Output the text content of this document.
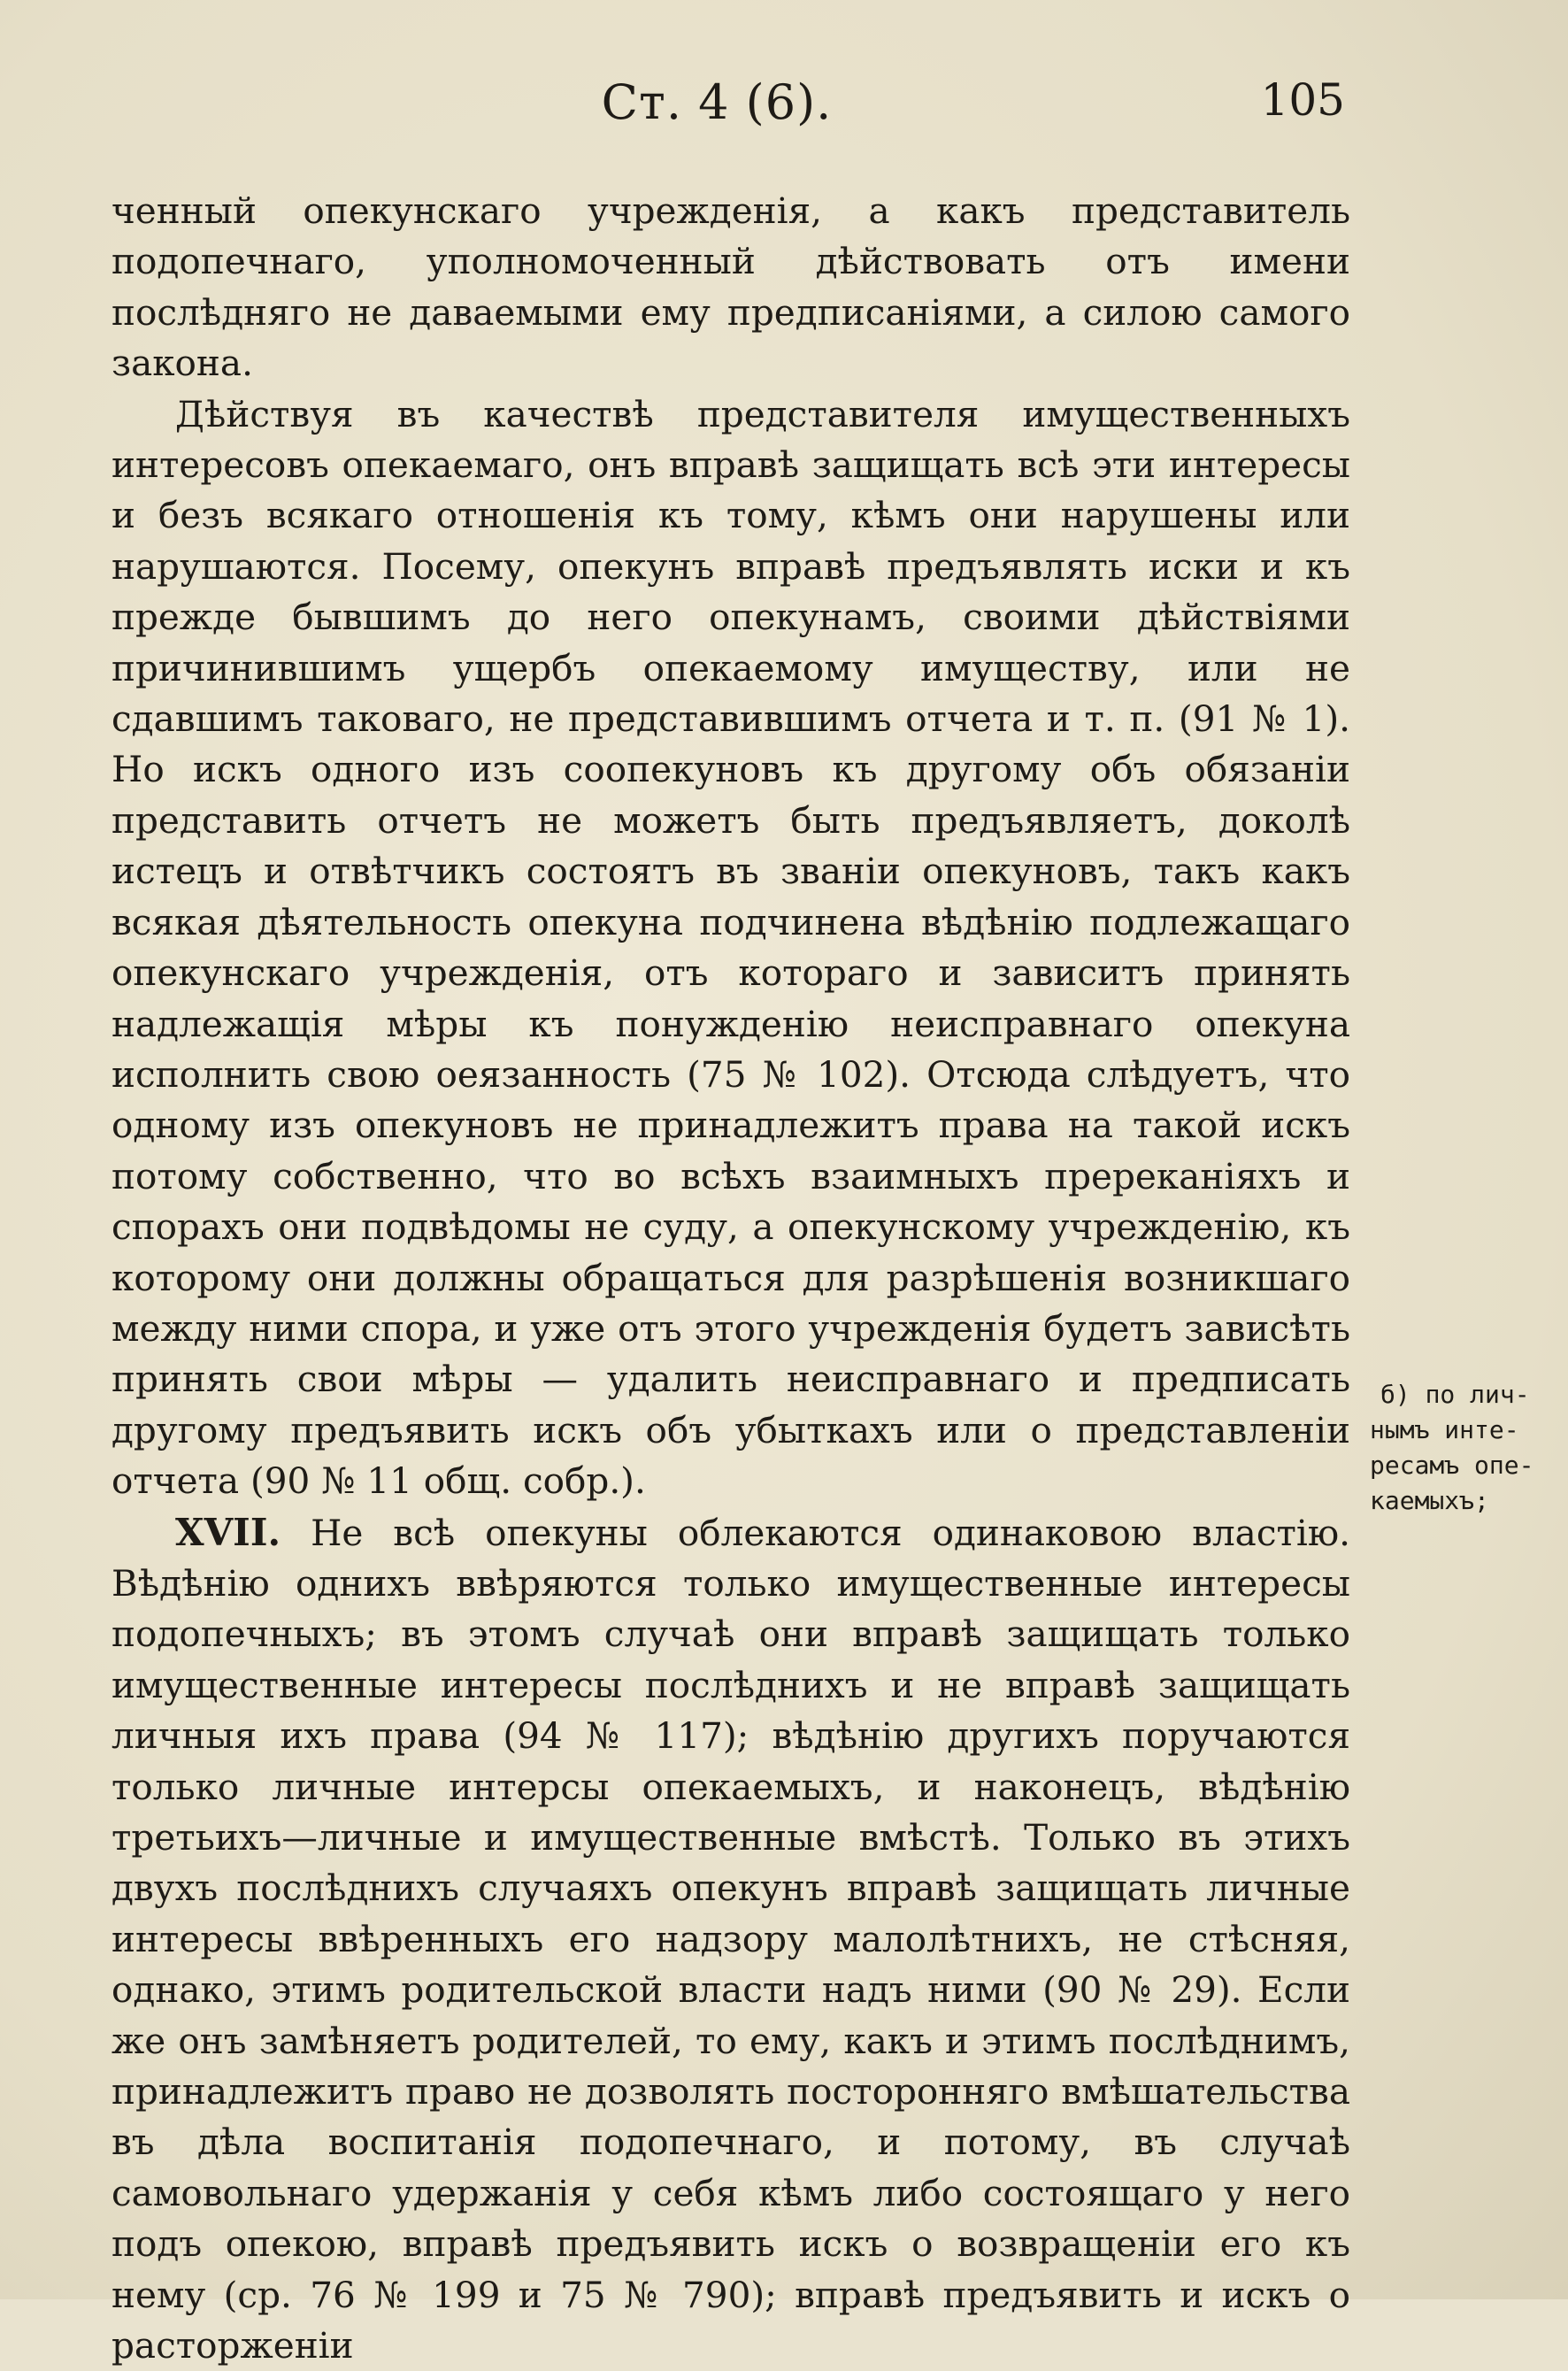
Ст. 4 (6).	105

ченный опекунскаго учрежденія, а какъ представитель подопечнаго, уполномоченный дѣйствовать отъ имени послѣдняго не даваемыми ему предписаніями, а силою самого закона.

Дѣйствуя въ качествѣ представителя имущественныхъ интересовъ опекаемаго, онъ вправѣ защищать всѣ эти интересы и безъ всякаго отношенія къ тому, кѣмъ они нарушены или нарушаются. Посему, опекунъ вправѣ предъявлять иски и къ прежде бывшимъ до него опекунамъ, своими дѣйствіями причинившимъ ущербъ опекаемому имуществу, или не сдавшимъ таковаго, не представившимъ отчета и т. п. (91 № 1). Но искъ одного изъ соопекуновъ къ другому объ обязаніи представить отчетъ не можетъ быть предъявляетъ, доколѣ истецъ и отвѣтчикъ состоятъ въ званіи опекуновъ, такъ какъ всякая дѣятельность опекуна подчинена вѣдѣнію подлежащаго опекунскаго учрежденія, отъ котораго и зависитъ принять надлежащія мѣры къ понужденію неисправнаго опекуна исполнить свою оеязанность (75 № 102). Отсюда слѣдуетъ, что одному изъ опекуновъ не принадлежитъ права на такой искъ потому собственно, что во всѣхъ взаимныхъ пререканіяхъ и спорахъ они подвѣдомы не суду, а опекунскому учрежденію, къ которому они должны обращаться для разрѣшенія возникшаго между ними спора, и уже отъ этого учрежденія будетъ зависѣть принять свои мѣры — удалить неисправнаго и предписать другому предъявить искъ объ убыткахъ или о представленіи отчета (90 № 11 общ. собр.).

XVII. Не всѣ опекуны облекаются одинаковою властію. Вѣдѣнію однихъ ввѣряются только имущественные интересы подопечныхъ; въ этомъ случаѣ они вправѣ защищать только имущественные интересы послѣднихъ и не вправѣ защищать личныя ихъ права (94 № 117); вѣдѣнію другихъ поручаются только личные интерсы опекаемыхъ, и наконецъ, вѣдѣнію третьихъ—личные и имущественные вмѣстѣ. Только въ этихъ двухъ послѣднихъ случаяхъ опекунъ вправѣ защищать личные интересы ввѣренныхъ его надзору малолѣтнихъ, не стѣсняя, однако, этимъ родительской власти надъ ними (90 № 29). Если же онъ замѣняетъ родителей, то ему, какъ и этимъ послѣднимъ, принадлежитъ право не дозволять посторонняго вмѣшательства въ дѣла воспитанія подопечнаго, и потому, въ случаѣ самовольнаго удержанія у себя кѣмъ либо состоящаго у него подъ опекою, вправѣ предъявить искъ о возвращеніи его къ нему (ср. 76 № 199 и 75 № 790); вправѣ предъявить и искъ о расторженіи

б) по лич-
нымъ инте-
ресамъ опе-
каемыхъ;
